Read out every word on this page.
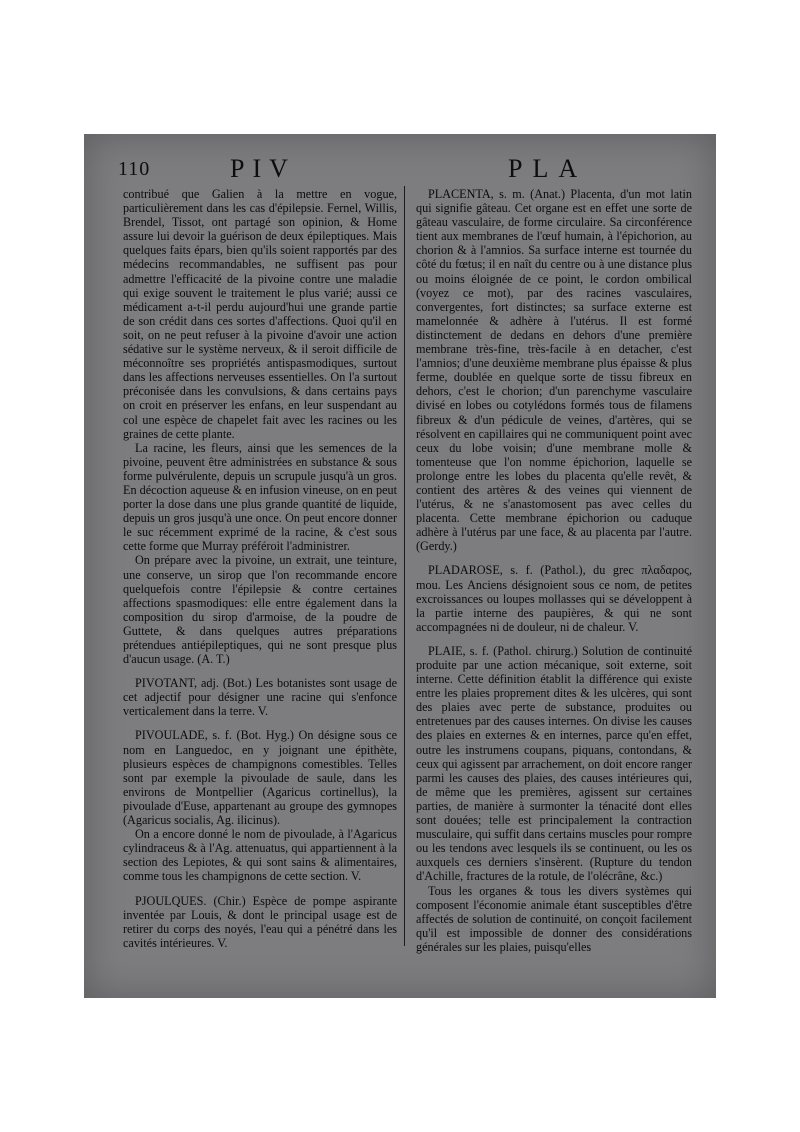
110	PIV	PLA

contribué que Galien à la mettre en vogue, particulièrement dans les cas d'épilepsie. Fernel, Willis, Brendel, Tissot, ont partagé son opinion, & Home assure lui devoir la guérison de deux épileptiques. Mais quelques faits épars, bien qu'ils soient rapportés par des médecins recommandables, ne suffisent pas pour admettre l'efficacité de la pivoine contre une maladie qui exige souvent le traitement le plus varié; aussi ce médicament a-t-il perdu aujourd'hui une grande partie de son crédit dans ces sortes d'affections. Quoi qu'il en soit, on ne peut refuser à la pivoine d'avoir une action sédative sur le système nerveux, & il seroit difficile de méconnoître ses propriétés antispasmodiques, surtout dans les affections nerveuses essentielles. On l'a surtout préconisée dans les convulsions, & dans certains pays on croit en préserver les enfans, en leur suspendant au col une espèce de chapelet fait avec les racines ou les graines de cette plante.

La racine, les fleurs, ainsi que les semences de la pivoine, peuvent être administrées en substance & sous forme pulvérulente, depuis un scrupule jusqu'à un gros. En décoction aqueuse & en infusion vineuse, on en peut porter la dose dans une plus grande quantité de liquide, depuis un gros jusqu'à une once. On peut encore donner le suc récemment exprimé de la racine, & c'est sous cette forme que Murray préféroit l'administrer.

On prépare avec la pivoine, un extrait, une teinture, une conserve, un sirop que l'on recommande encore quelquefois contre l'épilepsie & contre certaines affections spasmodiques: elle entre également dans la composition du sirop d'armoise, de la poudre de Guttete, & dans quelques autres préparations prétendues antiépileptiques, qui ne sont presque plus d'aucun usage. (A. T.)

PIVOTANT, adj. (Bot.) Les botanistes sont usage de cet adjectif pour désigner une racine qui s'enfonce verticalement dans la terre. V.

PIVOULADE, s. f. (Bot. Hyg.) On désigne sous ce nom en Languedoc, en y joignant une épithète, plusieurs espèces de champignons comestibles. Telles sont par exemple la pivoulade de saule, dans les environs de Montpellier (Agaricus cortinellus), la pivoulade d'Euse, appartenant au groupe des gymnopes (Agaricus socialis, Ag. ilicinus).

On a encore donné le nom de pivoulade, à l'Agaricus cylindraceus & à l'Ag. attenuatus, qui appartiennent à la section des Lepiotes, & qui sont sains & alimentaires, comme tous les champignons de cette section. V.

PJOULQUES. (Chir.) Espèce de pompe aspirante inventée par Louis, & dont le principal usage est de retirer du corps des noyés, l'eau qui a pénétré dans les cavités intérieures. V.

PLACENTA, s. m. (Anat.) Placenta, d'un mot latin qui signifie gâteau. Cet organe est en effet une sorte de gâteau vasculaire, de forme circulaire. Sa circonférence tient aux membranes de l'œuf humain, à l'épichorion, au chorion & à l'amnios. Sa surface interne est tournée du côté du fœtus; il en naît du centre ou à une distance plus ou moins éloignée de ce point, le cordon ombilical (voyez ce mot), par des racines vasculaires, convergentes, fort distinctes; sa surface externe est mamelonnée & adhère à l'utérus. Il est formé distinctement de dedans en dehors d'une première membrane très-fine, très-facile à en detacher, c'est l'amnios; d'une deuxième membrane plus épaisse & plus ferme, doublée en quelque sorte de tissu fibreux en dehors, c'est le chorion; d'un parenchyme vasculaire divisé en lobes ou cotylédons formés tous de filamens fibreux & d'un pédicule de veines, d'artères, qui se résolvent en capillaires qui ne communiquent point avec ceux du lobe voisin; d'une membrane molle & tomenteuse que l'on nomme épichorion, laquelle se prolonge entre les lobes du placenta qu'elle revêt, & contient des artères & des veines qui viennent de l'utérus, & ne s'anastomosent pas avec celles du placenta. Cette membrane épichorion ou caduque adhère à l'utérus par une face, & au placenta par l'autre. (Gerdy.)

PLADAROSE, s. f. (Pathol.), du grec πλαδαρος, mou. Les Anciens désignoient sous ce nom, de petites excroissances ou loupes mollasses qui se développent à la partie interne des paupières, & qui ne sont accompagnées ni de douleur, ni de chaleur. V.

PLAIE, s. f. (Pathol. chirurg.) Solution de continuité produite par une action mécanique, soit externe, soit interne. Cette définition établit la différence qui existe entre les plaies proprement dites & les ulcères, qui sont des plaies avec perte de substance, produites ou entretenues par des causes internes. On divise les causes des plaies en externes & en internes, parce qu'en effet, outre les instrumens coupans, piquans, contondans, & ceux qui agissent par arrachement, on doit encore ranger parmi les causes des plaies, des causes intérieures qui, de même que les premières, agissent sur certaines parties, de manière à surmonter la ténacité dont elles sont douées; telle est principalement la contraction musculaire, qui suffit dans certains muscles pour rompre ou les tendons avec lesquels ils se continuent, ou les os auxquels ces derniers s'insèrent. (Rupture du tendon d'Achille, fractures de la rotule, de l'olécrâne, &c.)

Tous les organes & tous les divers systèmes qui composent l'économie animale étant susceptibles d'être affectés de solution de continuité, on conçoit facilement qu'il est impossible de donner des considérations générales sur les plaies, puisqu'elles
